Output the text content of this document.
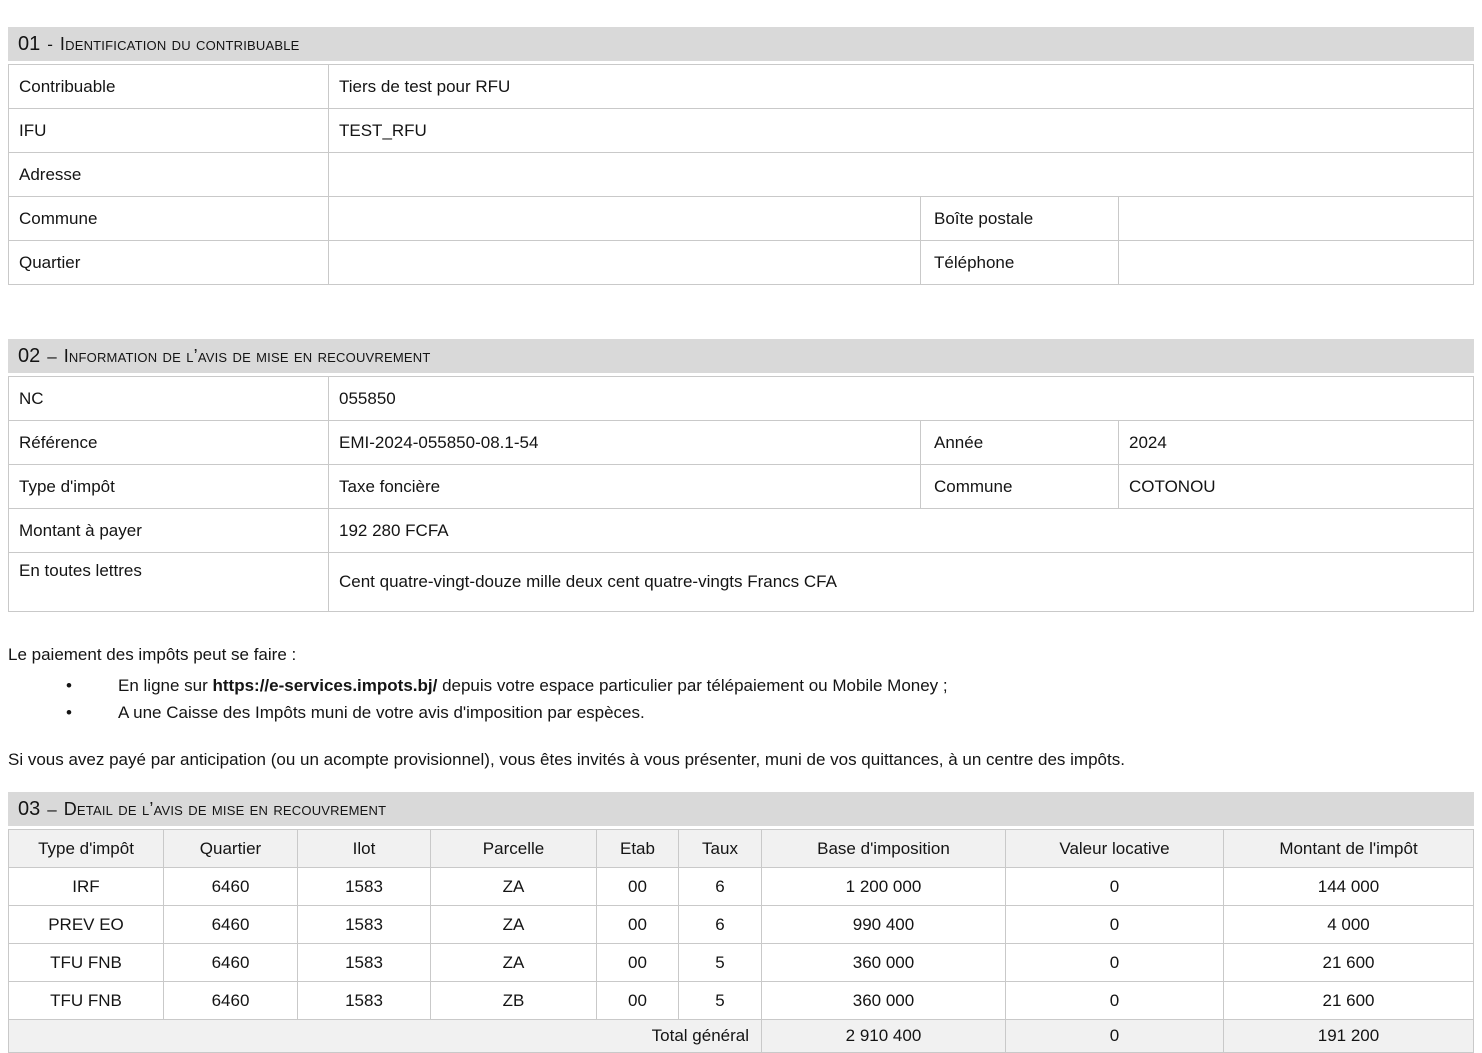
01 - Identification du contribuable
Contribuable	Tiers de test pour RFU		
IFU	TEST_RFU		
Adresse			
Commune		Boîte postale	
Quartier		Téléphone	
02 – Information de l’avis de mise en recouvrement
NC	055850		
Référence	EMI-2024-055850-08.1-54	Année	2024
Type d'impôt	Taxe foncière	Commune	COTONOU
Montant à payer	192 280 FCFA		
En toutes lettres	Cent quatre-vingt-douze mille deux cent quatre-vingts Francs CFA		

Le paiement des impôts peut se faire :

•	En ligne sur https://e-services.impots.bj/ depuis votre espace particulier par télépaiement ou Mobile Money ;
•	A une Caisse des Impôts muni de votre avis d'imposition par espèces.

Si vous avez payé par anticipation (ou un acompte provisionnel), vous êtes invités à vous présenter, muni de vos quittances, à un centre des impôts.

03 – Detail de l’avis de mise en recouvrement
Type d'impôt	Quartier	Ilot	Parcelle	Etab	Taux	Base d'imposition	Valeur locative	Montant de l'impôt
IRF	6460	1583	ZA	00	6	1 200 000	0	144 000
PREV EO	6460	1583	ZA	00	6	990 400	0	4 000
TFU FNB	6460	1583	ZA	00	5	360 000	0	21 600
TFU FNB	6460	1583	ZB	00	5	360 000	0	21 600
Total général						2 910 400	0	191 200
